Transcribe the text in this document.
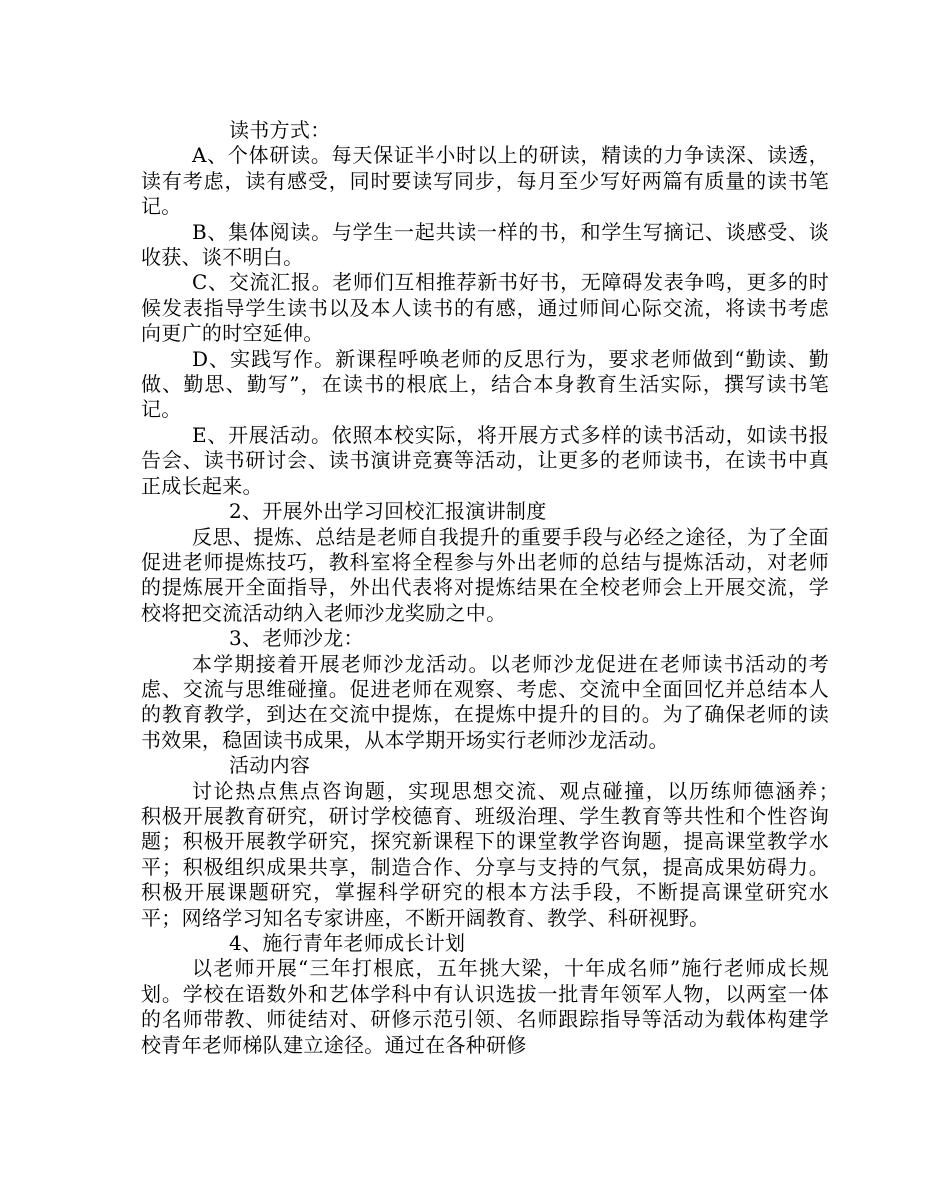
读书方式：

A、个体研读。每天保证半小时以上的研读，精读的力争读深、读透，读有考虑，读有感受，同时要读写同步，每月至少写好两篇有质量的读书笔记。

B、集体阅读。与学生一起共读一样的书，和学生写摘记、谈感受、谈收获、谈不明白。

C、交流汇报。老师们互相推荐新书好书，无障碍发表争鸣，更多的时候发表指导学生读书以及本人读书的有感，通过师间心际交流，将读书考虑向更广的时空延伸。

D、实践写作。新课程呼唤老师的反思行为，要求老师做到“勤读、勤做、勤思、勤写”，在读书的根底上，结合本身教育生活实际，撰写读书笔记。

E、开展活动。依照本校实际，将开展方式多样的读书活动，如读书报告会、读书研讨会、读书演讲竞赛等活动，让更多的老师读书，在读书中真正成长起来。

2、开展外出学习回校汇报演讲制度

反思、提炼、总结是老师自我提升的重要手段与必经之途径，为了全面促进老师提炼技巧，教科室将全程参与外出老师的总结与提炼活动，对老师的提炼展开全面指导，外出代表将对提炼结果在全校老师会上开展交流，学校将把交流活动纳入老师沙龙奖励之中。

3、老师沙龙：

本学期接着开展老师沙龙活动。以老师沙龙促进在老师读书活动的考虑、交流与思维碰撞。促进老师在观察、考虑、交流中全面回忆并总结本人的教育教学，到达在交流中提炼，在提炼中提升的目的。为了确保老师的读书效果，稳固读书成果，从本学期开场实行老师沙龙活动。

活动内容

讨论热点焦点咨询题，实现思想交流、观点碰撞，以历练师德涵养；　　积极开展教育研究，研讨学校德育、班级治理、学生教育等共性和个性咨询题；积极开展教学研究，探究新课程下的课堂教学咨询题，提高课堂教学水平；积极组织成果共享，制造合作、分享与支持的气氛，提高成果妨碍力。积极开展课题研究，掌握科学研究的根本方法手段，不断提高课堂研究水平；网络学习知名专家讲座，不断开阔教育、教学、科研视野。

4、施行青年老师成长计划

以老师开展“三年打根底，五年挑大梁，十年成名师”施行老师成长规划。学校在语数外和艺体学科中有认识选拔一批青年领军人物，以两室一体的名师带教、师徒结对、研修示范引领、名师跟踪指导等活动为载体构建学校青年老师梯队建立途径。通过在各种研修
